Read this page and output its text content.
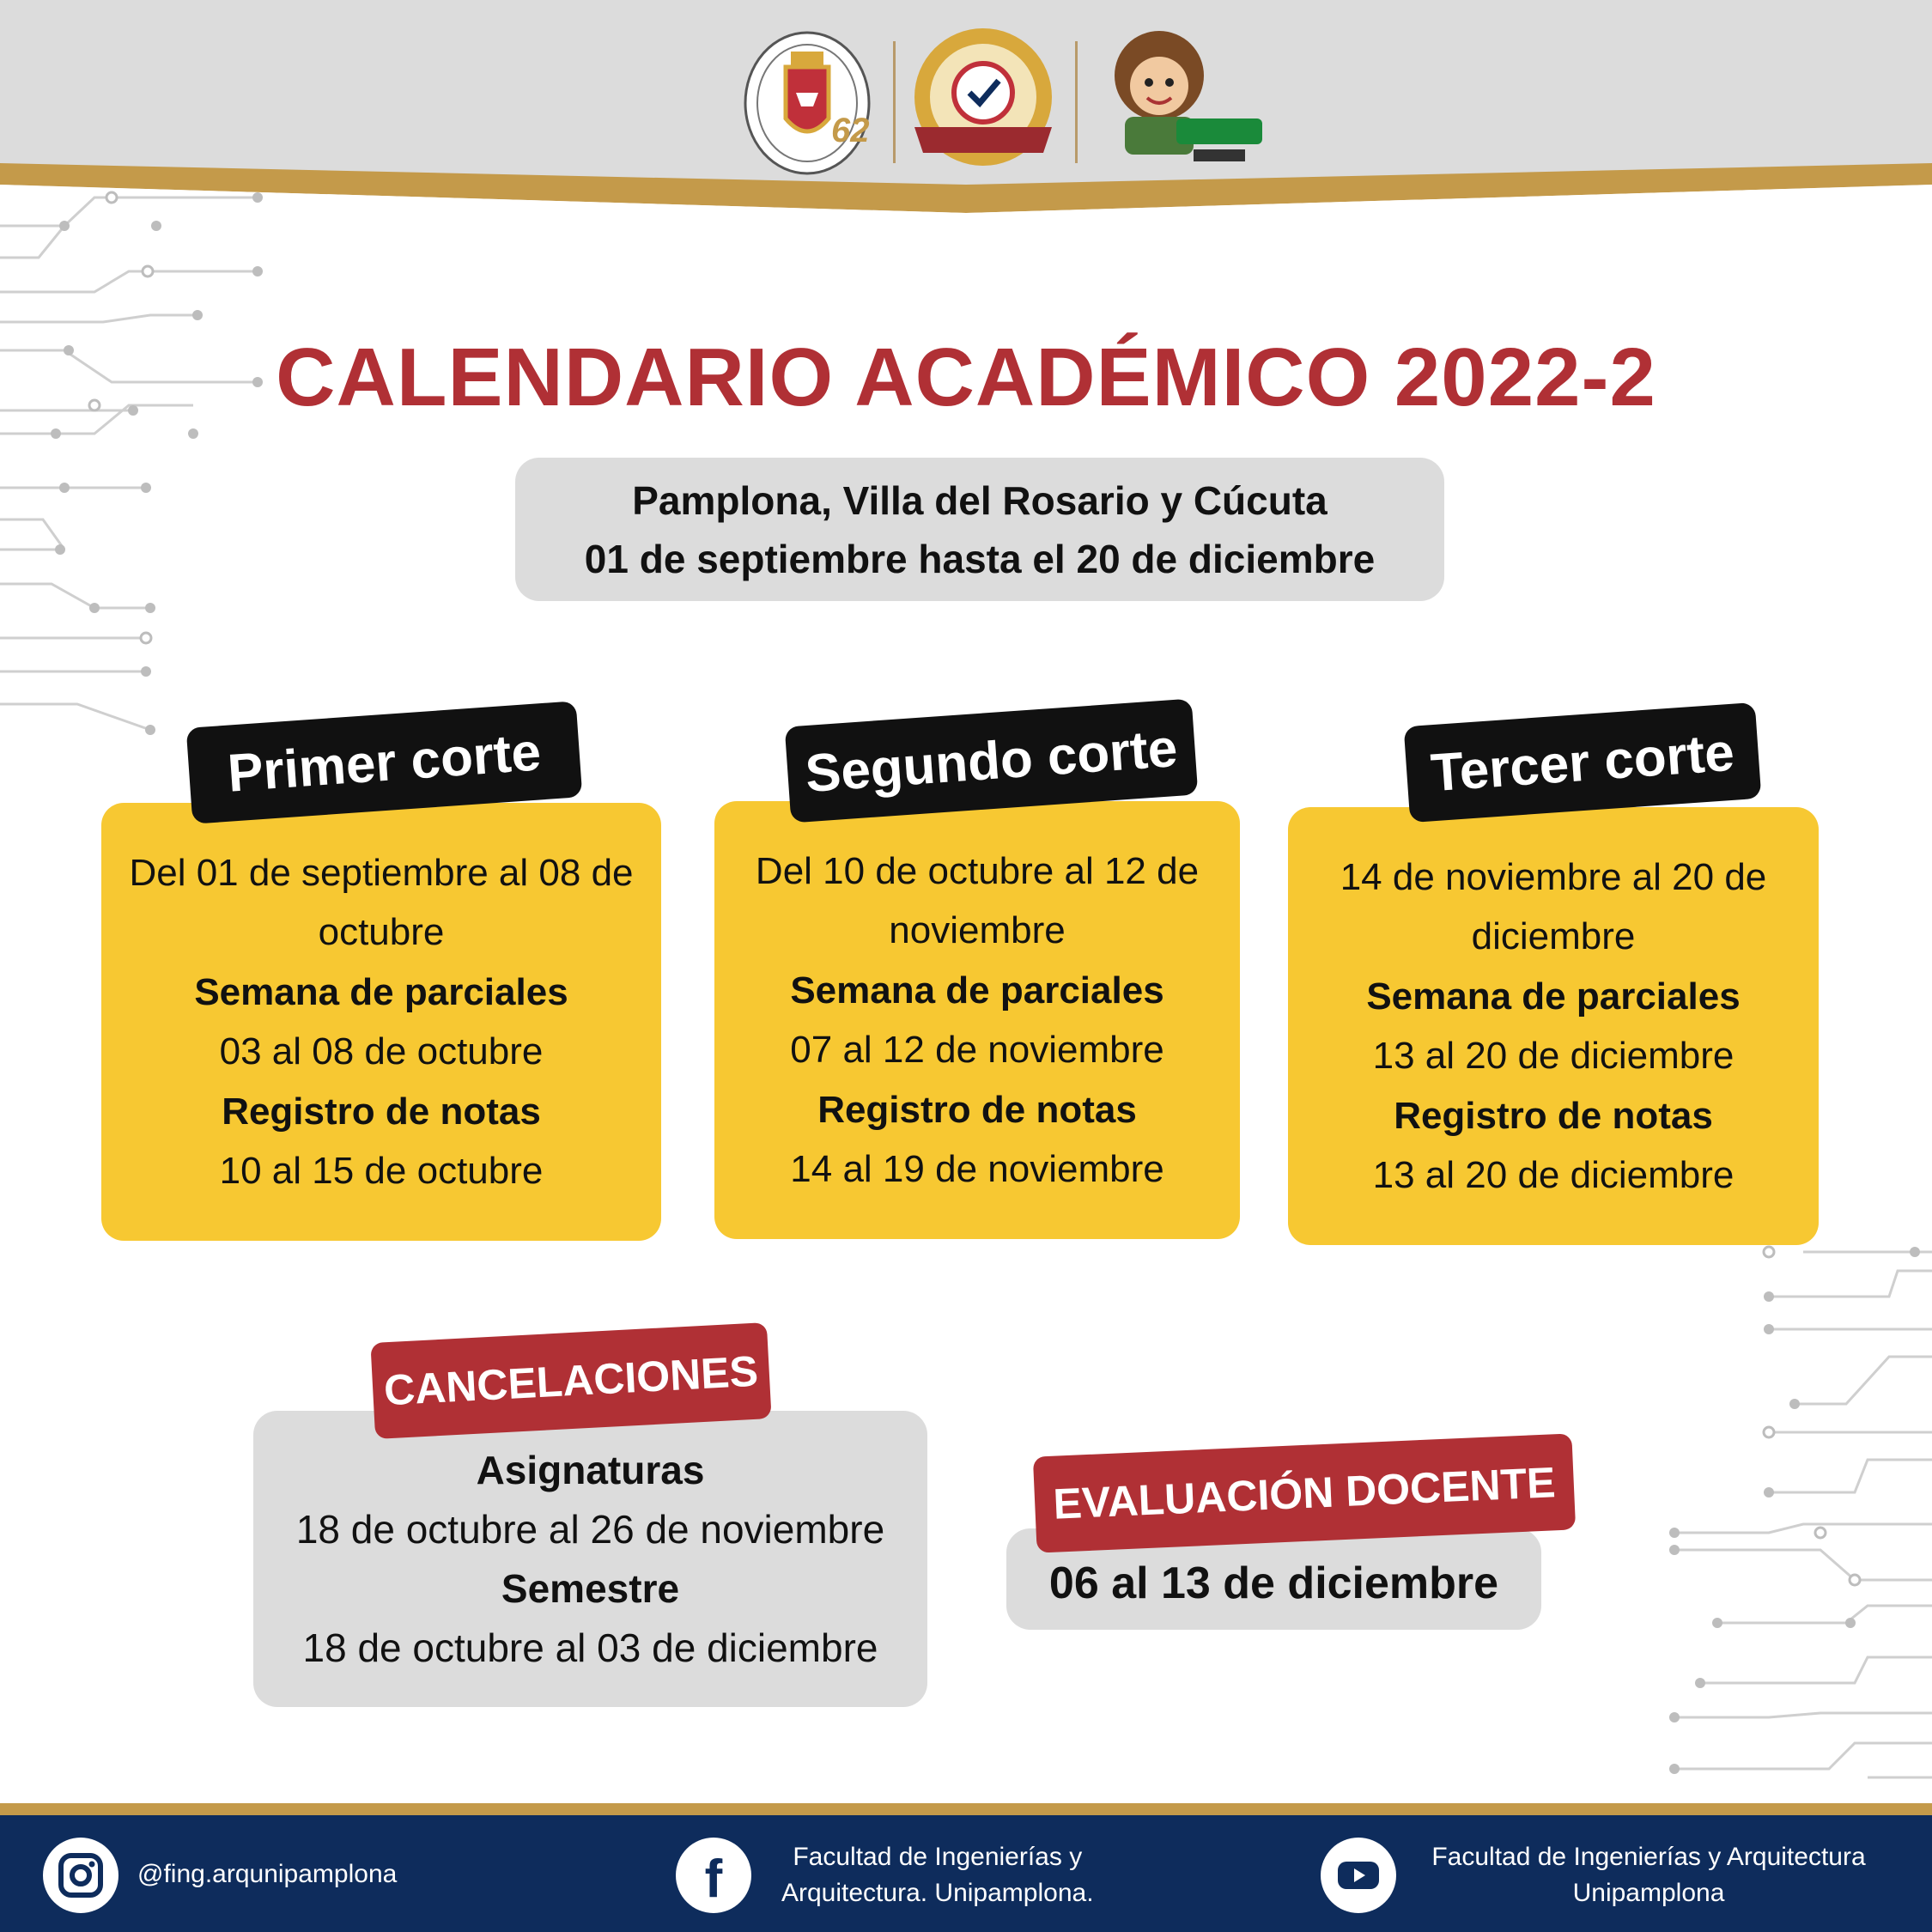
62
CALENDARIO ACADÉMICO 2022-2
Pamplona, Villa del Rosario y Cúcuta
01 de septiembre hasta el 20 de diciembre
Del 01 de septiembre al 08 de
octubre
Semana de parciales
03 al 08 de octubre
Registro de notas
10 al 15 de octubre
Primer corte
Del 10 de octubre al 12 de
noviembre
Semana de parciales
07 al 12 de noviembre
Registro de notas
14 al 19 de noviembre
Segundo corte
14 de noviembre al 20 de
diciembre
Semana de parciales
13 al 20 de diciembre
Registro de notas
13 al 20 de diciembre
Tercer corte
Asignaturas
18 de octubre al 26 de noviembre
Semestre
18 de octubre al 03 de diciembre
CANCELACIONES
06 al 13 de diciembre
EVALUACIÓN DOCENTE
@fing.arqunipamplona	f	Facultad de Ingenierías y
Arquitectura. Unipamplona.
Facultad de Ingenierías y Arquitectura
Unipamplona
